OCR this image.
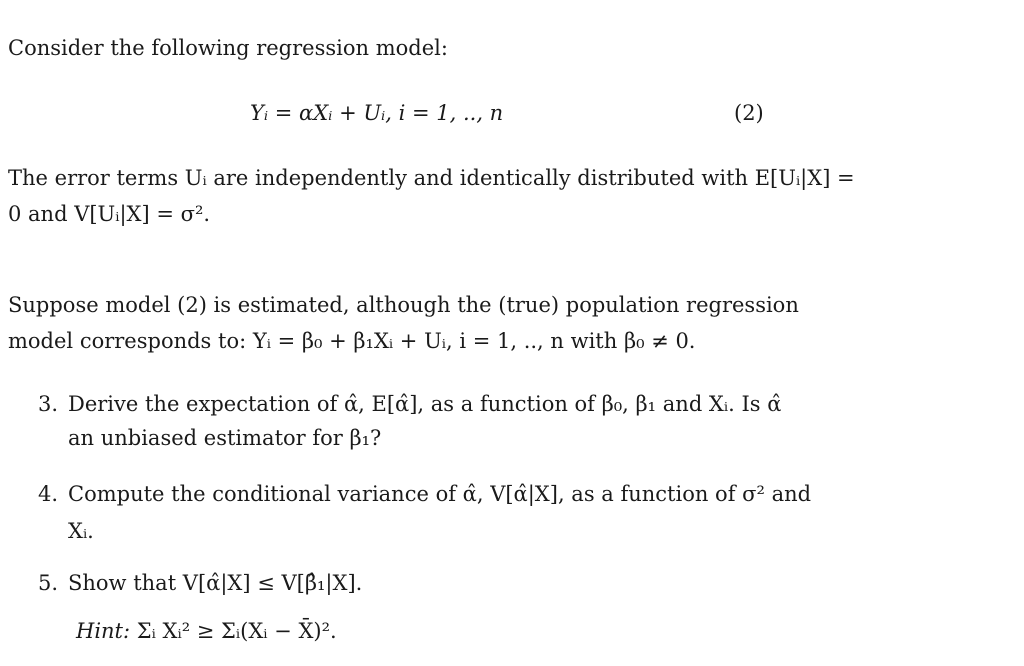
Consider the following regression model:
Yᵢ = αXᵢ + Uᵢ, i = 1, .., n	(2)
The error terms Uᵢ are independently and identically distributed with E[Uᵢ|X] =
0 and V[Uᵢ|X] = σ².
Suppose model (2) is estimated, although the (true) population regression
model corresponds to: Yᵢ = β₀ + β₁Xᵢ + Uᵢ, i = 1, .., n with β₀ ≠ 0.
3. Derive the expectation of α̂, E[α̂], as a function of β₀, β₁ and Xᵢ. Is α̂
an unbiased estimator for β₁?
4. Compute the conditional variance of α̂, V[α̂|X], as a function of σ² and
Xᵢ.
5. Show that V[α̂|X] ≤ V[β̂₁|X].
Hint: Σᵢ Xᵢ² ≥ Σᵢ(Xᵢ − X̄)².
